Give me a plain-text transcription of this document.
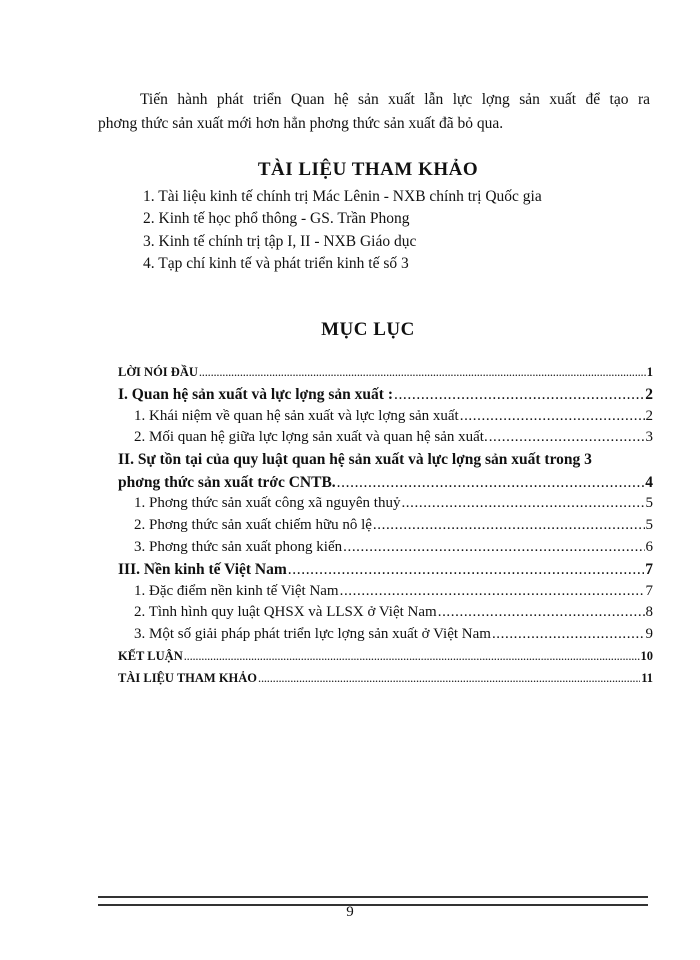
Tiến hành phát triển Quan hệ sản xuất lẫn lực lợng sản xuất để tạo ra
phơng thức sản xuất mới hơn hẳn phơng thức sản xuất đã bỏ qua.

TÀI LIỆU THAM KHẢO
1. Tài liệu kinh tế chính trị Mác Lênin - NXB chính trị Quốc gia
2. Kinh tế học phổ thông - GS. Trần Phong
3. Kinh tế chính trị tập I, II - NXB Giáo dục
4. Tạp chí kinh tế và phát triển kinh tế số 3
MỤC LỤC
LỜI NÓI ĐẦU .....	1
I. Quan hệ sản xuất và lực lợng sản xuất : .....	2
1. Khái niệm về quan hệ sản xuất và lực lợng sản xuất .....	2
2. Mối quan hệ giữa lực lợng sản xuất và quan hệ sản xuất. .....	3
II. Sự tồn tại của quy luật quan hệ sản xuất và lực lợng sản xuất trong 3
phơng thức sản xuất trớc CNTB. .....	4
1. Phơng thức sản xuất công xã nguyên thuỷ .....	5
2. Phơng thức sản xuất chiếm hữu nô lệ .....	5
3. Phơng thức sản xuất phong kiến .....	6
III. Nền kinh tế Việt Nam .....	7
1. Đặc điểm nền kinh tế Việt Nam .....	7
2. Tình hình quy luật QHSX và LLSX ở Việt Nam .....	8
3. Một số giải pháp phát triển lực lợng sản xuất ở Việt Nam .....	9
KẾT LUẬN .....	10
TÀI LIỆU THAM KHẢO .....	11

9
